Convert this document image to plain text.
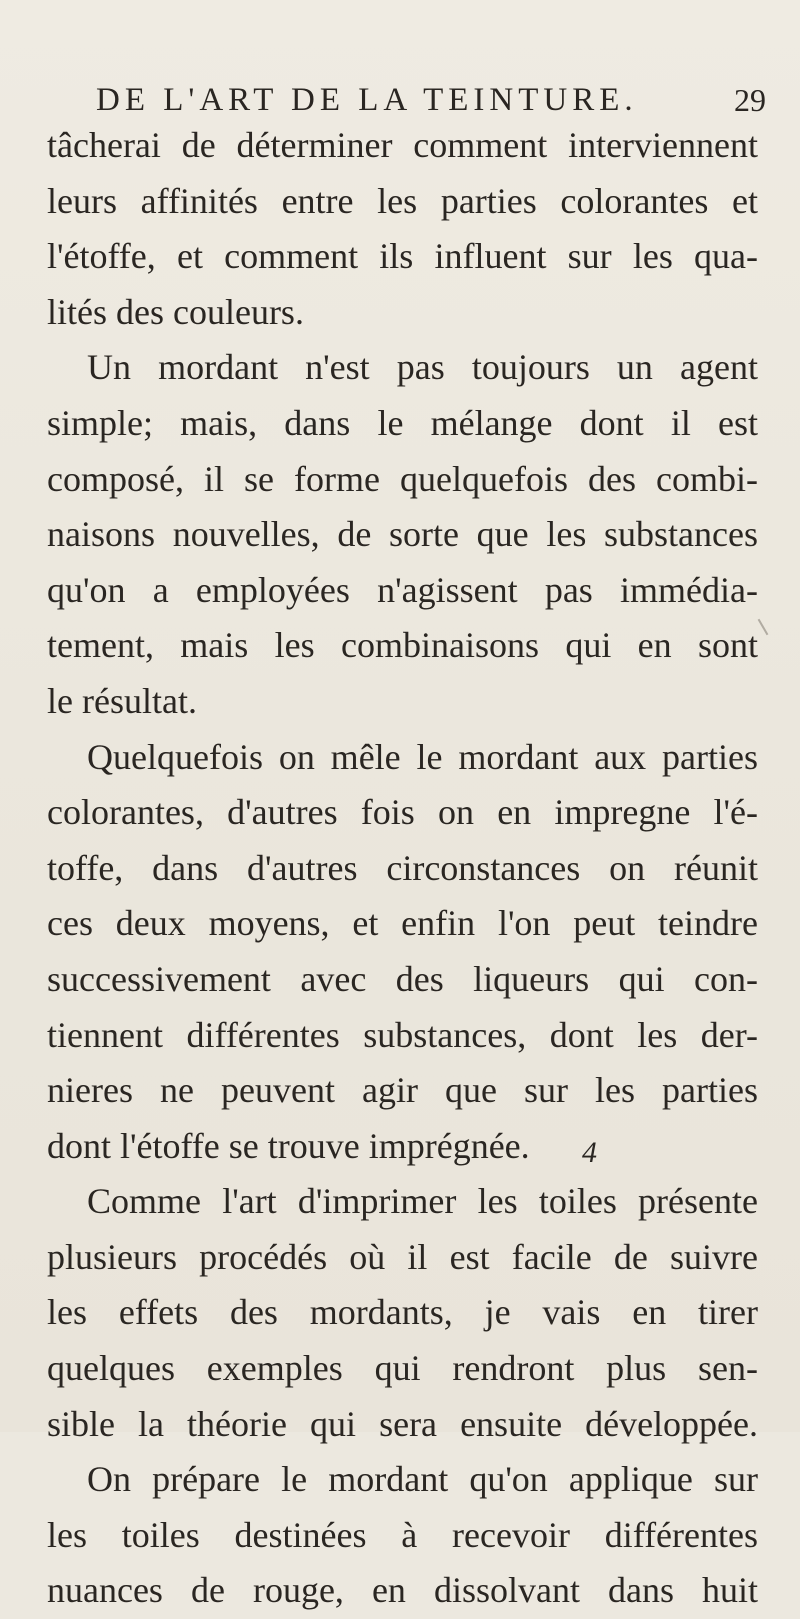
DE L'ART DE LA TEINTURE.	29
tâcherai de déterminer comment interviennent
leurs affinités entre les parties colorantes et
l'étoffe, et comment ils influent sur les qua-
lités des couleurs.
Un mordant n'est pas toujours un agent
simple; mais, dans le mélange dont il est
composé, il se forme quelquefois des combi-
naisons nouvelles, de sorte que les substances
qu'on a employées n'agissent pas immédia-
tement, mais les combinaisons qui en sont
le résultat.
Quelquefois on mêle le mordant aux parties
colorantes, d'autres fois on en impregne l'é-
toffe, dans d'autres circonstances on réunit
ces deux moyens, et enfin l'on peut teindre
successivement avec des liqueurs qui con-
tiennent différentes substances, dont les der-
nieres ne peuvent agir que sur les parties
dont l'étoffe se trouve imprégnée.
Comme l'art d'imprimer les toiles présente
plusieurs procédés où il est facile de suivre
les effets des mordants, je vais en tirer
quelques exemples qui rendront plus sen-
sible la théorie qui sera ensuite développée.
On prépare le mordant qu'on applique sur
les toiles destinées à recevoir différentes
nuances de rouge, en dissolvant dans huit
4
